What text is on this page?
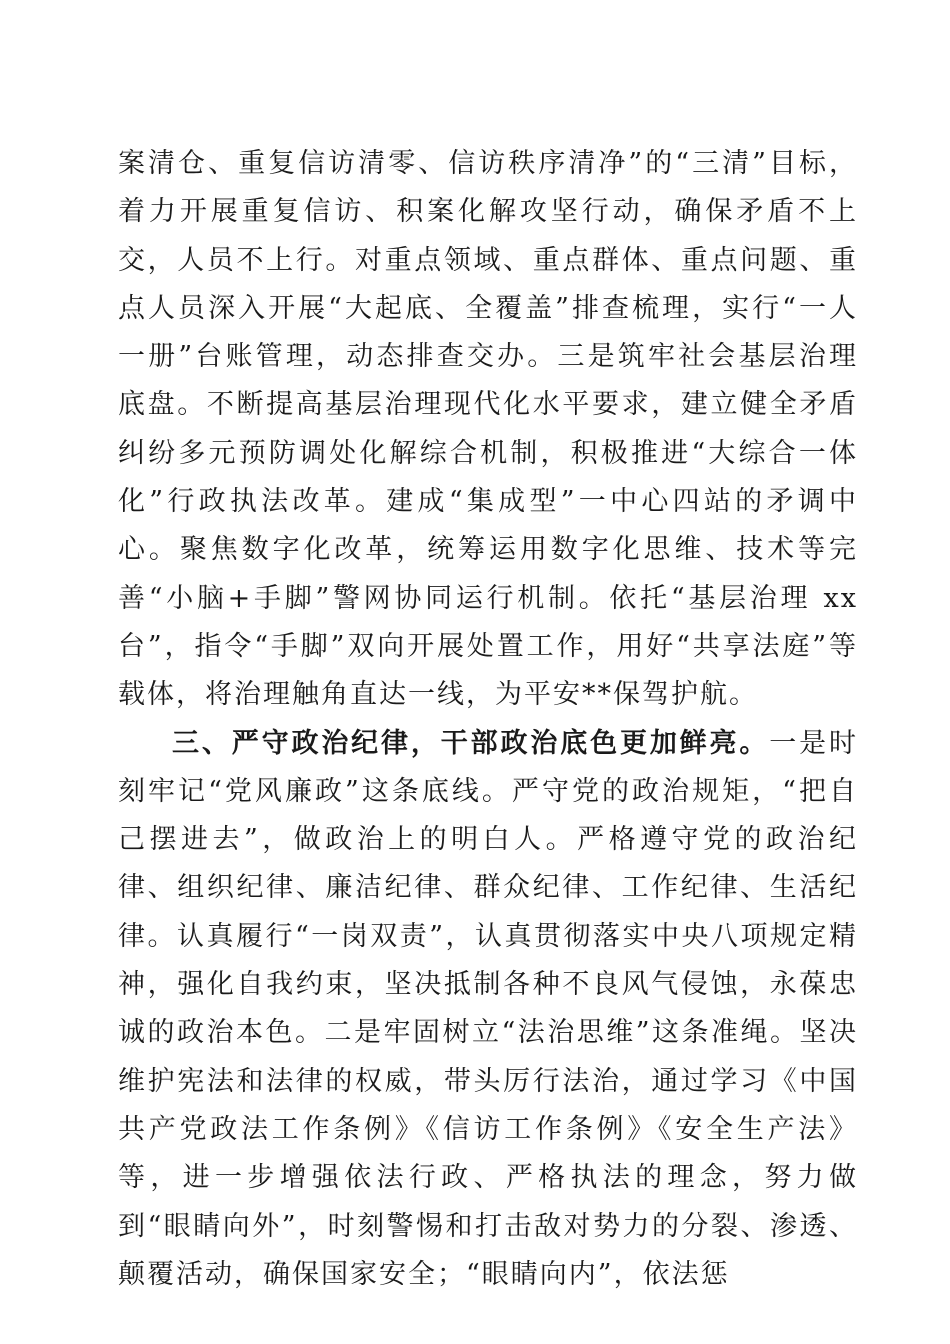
案清仓、重复信访清零、信访秩序清净”的“三清”目标，着力开展重复信访、积案化解攻坚行动，确保矛盾不上交，人员不上行。对重点领域、重点群体、重点问题、重点人员深入开展“大起底、全覆盖”排查梳理，实行“一人一册”台账管理，动态排查交办。三是筑牢社会基层治理底盘。不断提高基层治理现代化水平要求，建立健全矛盾纠纷多元预防调处化解综合机制，积极推进“大综合一体化”行政执法改革。建成“集成型”一中心四站的矛调中心。聚焦数字化改革，统筹运用数字化思维、技术等完善“小脑+手脚”警网协同运行机制。依托“基层治理 xx 台”，指令“手脚”双向开展处置工作，用好“共享法庭”等载体，将治理触角直达一线，为平安**保驾护航。

三、严守政治纪律，干部政治底色更加鲜亮。一是时刻牢记“党风廉政”这条底线。严守党的政治规矩，“把自己摆进去”，做政治上的明白人。严格遵守党的政治纪律、组织纪律、廉洁纪律、群众纪律、工作纪律、生活纪律。认真履行“一岗双责”，认真贯彻落实中央八项规定精神，强化自我约束，坚决抵制各种不良风气侵蚀，永葆忠诚的政治本色。二是牢固树立“法治思维”这条准绳。坚决维护宪法和法律的权威，带头厉行法治，通过学习《中国共产党政法工作条例》《信访工作条例》《安全生产法》等，进一步增强依法行政、严格执法的理念，努力做到“眼睛向外”，时刻警惕和打击敌对势力的分裂、渗透、颠覆活动，确保国家安全；“眼睛向内”，依法惩
